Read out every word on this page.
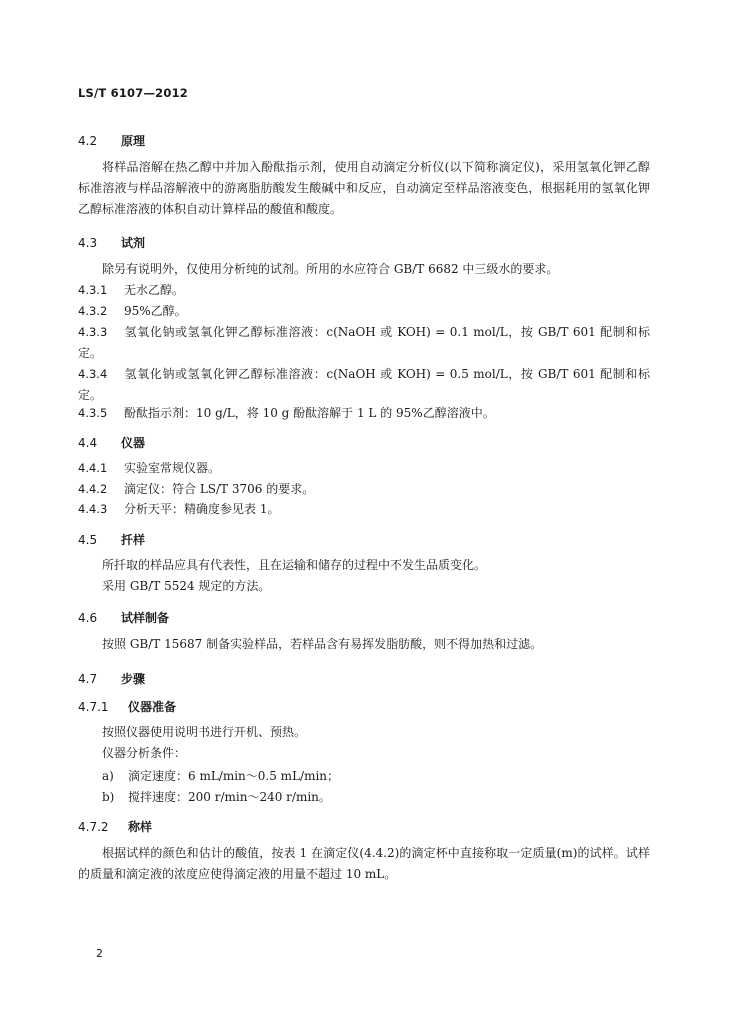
LS/T 6107—2012
4.2 原理
将样品溶解在热乙醇中并加入酚酞指示剂，使用自动滴定分析仪(以下简称滴定仪)，采用氢氧化钾乙醇标准溶液与样品溶解液中的游离脂肪酸发生酸碱中和反应，自动滴定至样品溶液变色，根据耗用的氢氧化钾乙醇标准溶液的体积自动计算样品的酸值和酸度。
4.3 试剂
除另有说明外，仅使用分析纯的试剂。所用的水应符合 GB/T 6682 中三级水的要求。
4.3.1 无水乙醇。
4.3.2 95%乙醇。
4.3.3 氢氧化钠或氢氧化钾乙醇标准溶液：c(NaOH 或 KOH) = 0.1 mol/L，按 GB/T 601 配制和标定。
4.3.4 氢氧化钠或氢氧化钾乙醇标准溶液：c(NaOH 或 KOH) = 0.5 mol/L，按 GB/T 601 配制和标定。
4.3.5 酚酞指示剂：10 g/L，将 10 g 酚酞溶解于 1 L 的 95%乙醇溶液中。
4.4 仪器
4.4.1 实验室常规仪器。
4.4.2 滴定仪：符合 LS/T 3706 的要求。
4.4.3 分析天平：精确度参见表 1。
4.5 扦样
所扦取的样品应具有代表性，且在运输和储存的过程中不发生品质变化。
采用 GB/T 5524 规定的方法。
4.6 试样制备
按照 GB/T 15687 制备实验样品，若样品含有易挥发脂肪酸，则不得加热和过滤。
4.7 步骤
4.7.1 仪器准备
按照仪器使用说明书进行开机、预热。
仪器分析条件：
a) 滴定速度：6 mL/min～0.5 mL/min；
b) 搅拌速度：200 r/min～240 r/min。
4.7.2 称样
根据试样的颜色和估计的酸值，按表 1 在滴定仪(4.4.2)的滴定杯中直接称取一定质量(m)的试样。试样的质量和滴定液的浓度应使得滴定液的用量不超过 10 mL。
2
